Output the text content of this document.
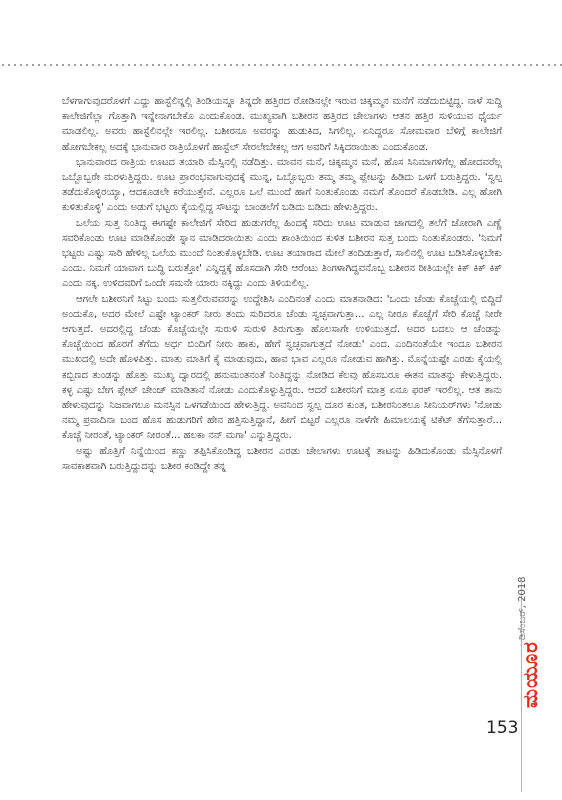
ಬೆಳಗಾಗುವುದರೊಳಗೆ ಎದ್ದು ಹಾಸ್ಟೆಲಿನ್ನಲ್ಲಿ ತಿಂಡಿಯನ್ನೂ ತಿನ್ನದೇ ಹತ್ತಿರದ ರೋಡಿನಲ್ಲೇ ಇರುವ ಚಿಕ್ಕಮ್ಮನ ಮನೆಗೆ ನಡೆದುಬಿಟ್ಟಿದ್ದ. ನಾಳೆ ಸುದ್ದಿ ಕಾಲೇಜಿಗೆಲ್ಲಾ ಗೊತ್ತಾಗಿ ಇನ್ನೇನಾಗಬೇಕೊ ಎಂದುಕೊಂಡ. ಮುಖ್ಯವಾಗಿ ಬಶೀರನ ಹತ್ತಿರದ ಚೇಲಾಗಳು ಆತನ ಹತ್ತಿರ ಸುಳಿಯುವ ಧೈರ್ಯ ಮಾಡಲಿಲ್ಲ. ಅವರು ಹಾಸ್ಟೆಲಿನಲ್ಲೇ ಇರಲಿಲ್ಲ. ಬಶೀರನೂ ಅವರನ್ನು ಹುಡುಕಿದ, ಸಿಗಲಿಲ್ಲ. ಏನಿದ್ದರೂ ಸೋಮವಾರ ಬೆಳಿಗ್ಗೆ ಕಾಲೇಜಿಗೆ ಹೋಗಬೇಕಲ್ಲ ಅದಕ್ಕೆ ಭಾನುವಾರ ರಾತ್ರಿಯೊಳಗೆ ಹಾಸ್ಟೆಲ್ ಸೇರಲೇಬೇಕಲ್ಲ ಆಗ ಅವರಿಗೆ ಸಿಕ್ಕಿದರಾಯಿತು ಎಂದುಕೊಂಡ.

ಭಾನುವಾರದ ರಾತ್ರಿಯ ಊಟದ ತಯಾರಿ ಮೆಸ್ಸಿನಲ್ಲಿ ನಡೆದಿತ್ತು. ಮಾವನ ಮನೆ, ಚಿಕ್ಕಮ್ಮನ ಮನೆ, ಹೊಸ ಸಿನಿಮಾಗಳಿಗೆಲ್ಲ ಹೋದವರೆಲ್ಲ ಒಬ್ಬೊಬ್ಬರೇ ಮರಳುತ್ತಿದ್ದರು. ಊಟ ಪ್ರಾರಂಭವಾಗುವುದಕ್ಕೆ ಮುನ್ನ, ಒಬ್ಬೊಬ್ಬರು ತಮ್ಮ ತಮ್ಮ ಪ್ಲೇಟನ್ನು ಹಿಡಿದು ಒಳಗೆ ಬರುತ್ತಿದ್ದರು. 'ಸ್ವಲ್ಪ ತಡೆದುಕೊಳ್ಳಿರಯ್ಯಾ, ಆದಕೂಡಲೇ ಕರೆಯುತ್ತೇನೆ. ಎಲ್ಲರೂ ಒಲೆ ಮುಂದೆ ಹಾಗೆ ನಿಂತುಕೊಂಡು ನಮಗೆ ತೊಂದರೆ ಕೊಡಬೇಡಿ. ಎಲ್ಲ ಹೋಗಿ ಕುಳಿತುಕೊಳ್ಳಿ' ಎಂದು ಅಡುಗೆ ಭಟ್ಟರು ಕೈಯಲ್ಲಿದ್ದ ಸೌಟನ್ನು ಬಾಂಡಲೆಗೆ ಬಡಿದು ಬಡಿದು ಹೇಳುತ್ತಿದ್ದರು.

ಒಲೆಯ ಸುತ್ತ ನಿಂತಿದ್ದ ಈಗಷ್ಟೇ ಕಾಲೇಜಿಗೆ ಸೇರಿದ ಹುಡುಗರೆಲ್ಲ ಹಿಂದಕ್ಕೆ ಸರಿದು ಊಟ ಮಾಡುವ ಜಾಗದಲ್ಲಿ ತಲೆಗೆ ಜೋರಾಗಿ ಎಣ್ಣೆ ಸವರಿಕೊಂಡು ಊಟ ಮಾಡಿಕೊಂಡೇ ಸ್ನಾನ ಮಾಡಿದರಾಯಿತು ಎಂದು ಶಾಂತಿಯಿಂದ ಕುಳಿತ ಬಶೀರನ ಸುತ್ತ ಬಂದು ನಿಂತುಕೊಂಡರು. 'ನಿಮಗೆ ಭಟ್ಟರು ಎಷ್ಟು ಸಾರಿ ಹೇಳಿಲ್ಲ ಒಲೆಯ ಮುಂದೆ ನಿಂತುಕೊಳ್ಳಬೇಡಿ. ಊಟ ತಯಾರಾದ ಮೇಲೆ ತಂದಿಡುತ್ತಾರೆ, ಸಾಲಿನಲ್ಲಿ ಊಟ ಬಡಿಸಿಕೊಳ್ಳಬೇಕು ಎಂದು. ನಿಮಗೆ ಯಾವಾಗ ಬುದ್ಧಿ ಬರುತ್ತೋ' ಎನ್ನಿದ್ದಕ್ಕೆ ಹೊಸದಾಗಿ ಸೇರಿ ಆರೆಂಟು ತಿಂಗಳಾಗಿದ್ದವನೊಬ್ಬ ಬಶೀರನ ರೀತಿಯಲ್ಲೇ ಕಿಕ್ ಕಿಕ್ ಕಿಕ್ ಎಂದು ನಕ್ಕ. ಉಳಿದವರಿಗೆ ಒಂದೇ ಸಮನೇ ಯಾರು ನಕ್ಕಿದ್ದು ಎಂದು ತಿಳಿಯಲಿಲ್ಲ.

ಆಗಲೇ ಬಶೀರನಿಗೆ ಸಿಟ್ಟು ಬಂದು ಸುತ್ತಲಿರುವವರನ್ನು ಉದ್ದೇಶಿಸಿ ಎಂದಿನಂತೆ ಎಂದು ಮಾತನಾಡಿದ: 'ಒಂದು ಚೆಂಡು ಕೊಚ್ಚೆಯಲ್ಲಿ ಬಿದ್ದಿದೆ ಅಂದುಕೊ, ಅದರ ಮೇಲೆ ಎಷ್ಟೇ ಟ್ಯಾಂಕರ್ ನೀರು ತಂದು ಸುರಿದರೂ ಚೆಂಡು ಸ್ವಚ್ಛವಾಗುತ್ತಾ... ಎಲ್ಲ ನೀರೂ ಕೊಚ್ಚೆಗೆ ಸೇರಿ ಕೊಚ್ಚೆ ನೀರೇ ಆಗುತ್ತದೆ. ಅದರಲ್ಲಿದ್ದ ಚೆಂಡು ಕೊಚ್ಚೆಯಲ್ಲೇ ಸುರುಳಿ ಸುರುಳಿ ತಿರುಗುತ್ತಾ ಹೊಲಸಾಗೇ ಉಳಿಯುತ್ತದೆ. ಅದರ ಬದಲು ಆ ಚೆಂಡನ್ನು ಕೊಚ್ಚೆಯಿಂದ ಹೊರಗೆ ತೆಗೆದು ಅರ್ಧ ಬಿಂದಿಗೆ ನೀರು ಹಾಕು, ಹೇಗೆ ಸ್ವಚ್ಛವಾಗುತ್ತದೆ ನೋಡು' ಎಂದ. ಎಂದಿನಂತೆಯೇ ಇಂದೂ ಬಶೀರನ ಮುಖದಲ್ಲಿ ಅದೇ ಹೊಳಪಿತ್ತು. ಮಾತು ಮಾತಿಗೆ ಕೈ ಮಾಡುವುದು, ಹಾವ ಭಾವ ಎಲ್ಲರೂ ನೋಡುವ ಹಾಗಿತ್ತು. ಮೊನ್ನೆಯಷ್ಟೇ ಎರಡು ಕೈಯಲ್ಲಿ ಕಬ್ಬಿಣದ ತುಂಡನ್ನು ಹೊತ್ತು ಮುಖ್ಯ ದ್ವಾರದಲ್ಲಿ ಹನುಮಂತನಂತೆ ನಿಂತಿದ್ದನ್ನು ನೋಡಿದ ಕೆಲವು ಹೊಸಬರೂ ಈತನ ಮಾತನ್ನು ಕೇಳುತ್ತಿದ್ದರು. ಕಳ್ಳ ಎಷ್ಟು ಬೇಗ ಪ್ಲೇಟ್ ಚೇಂಜ್ ಮಾಡಿತಾನೆ ನೋಡು ಎಂದುಕೊಳ್ಳುತ್ತಿದ್ದರು. ಆದರೆ ಬಶೀರನಿಗೆ ಮಾತ್ರ ಏನೂ ಫರಕ್ ಇರಲಿಲ್ಲ. ಆತ ತಾನು ಹೇಳುವುದನ್ನು ನಿಜವಾಗಲೂ ಮನಸ್ಸಿನ ಒಳಗಡೆಯಿಂದ ಹೇಳುತ್ತಿದ್ದ. ಅವನಿಂದ ಸ್ವಲ್ಪ ದೂರ ಕುಂತ, ಬಶೀರನಿಂತಲೂ ಸೀನಿಯರ್‌ಗಳು 'ನೋಡು ನಮ್ಮ ಪ್ರವಾದಿನಾ ಬಂದ ಹೊಸ ಹುಡುಗರಿಗೆ ಹೇನ ಹತ್ತಿಸುತ್ತಿದ್ದಾನೆ, ಹೀಗೆ ಬಿಟ್ಟರೆ ಎಲ್ಲರೂ ನಾಳೆಗೇ ಹಿಮಾಲಯಕ್ಕೆ ಟಿಕೆಟ್ ತೆಗೆಸುತ್ತಾರೆ... ಕೊಚ್ಚೆ ನೀರಂತೆ, ಟ್ಯಾಂಕರ್ ನೀರಂತೆ... ಹಲಕಾ ನನ್ ಮಗಾ' ಎನ್ನುತ್ತಿದ್ದರು.

ಅಷ್ಟು ಹೊತ್ತಿಗೆ ನಿನ್ನೆಯಿಂದ ಕಣ್ಣು ತಪ್ಪಿಸಿಕೊಂಡಿದ್ದ ಬಶೀರನ ಎರಡು ಚೇಲಾಗಳು ಊಟಕ್ಕೆ ತಾಟನ್ನು ಹಿಡಿದುಕೊಂಡು ಮೆಸ್ಸಿನೊಳಗೆ ಸಾವಕಾಶವಾಗಿ ಬರುತ್ತಿದ್ದುದನ್ನು ಬಶೀರ ಕಂಡಿದ್ದೇ ತನ್ನ

ಡಿಸೆಂಬರ್, 2018
ಮಯೂರ
153
